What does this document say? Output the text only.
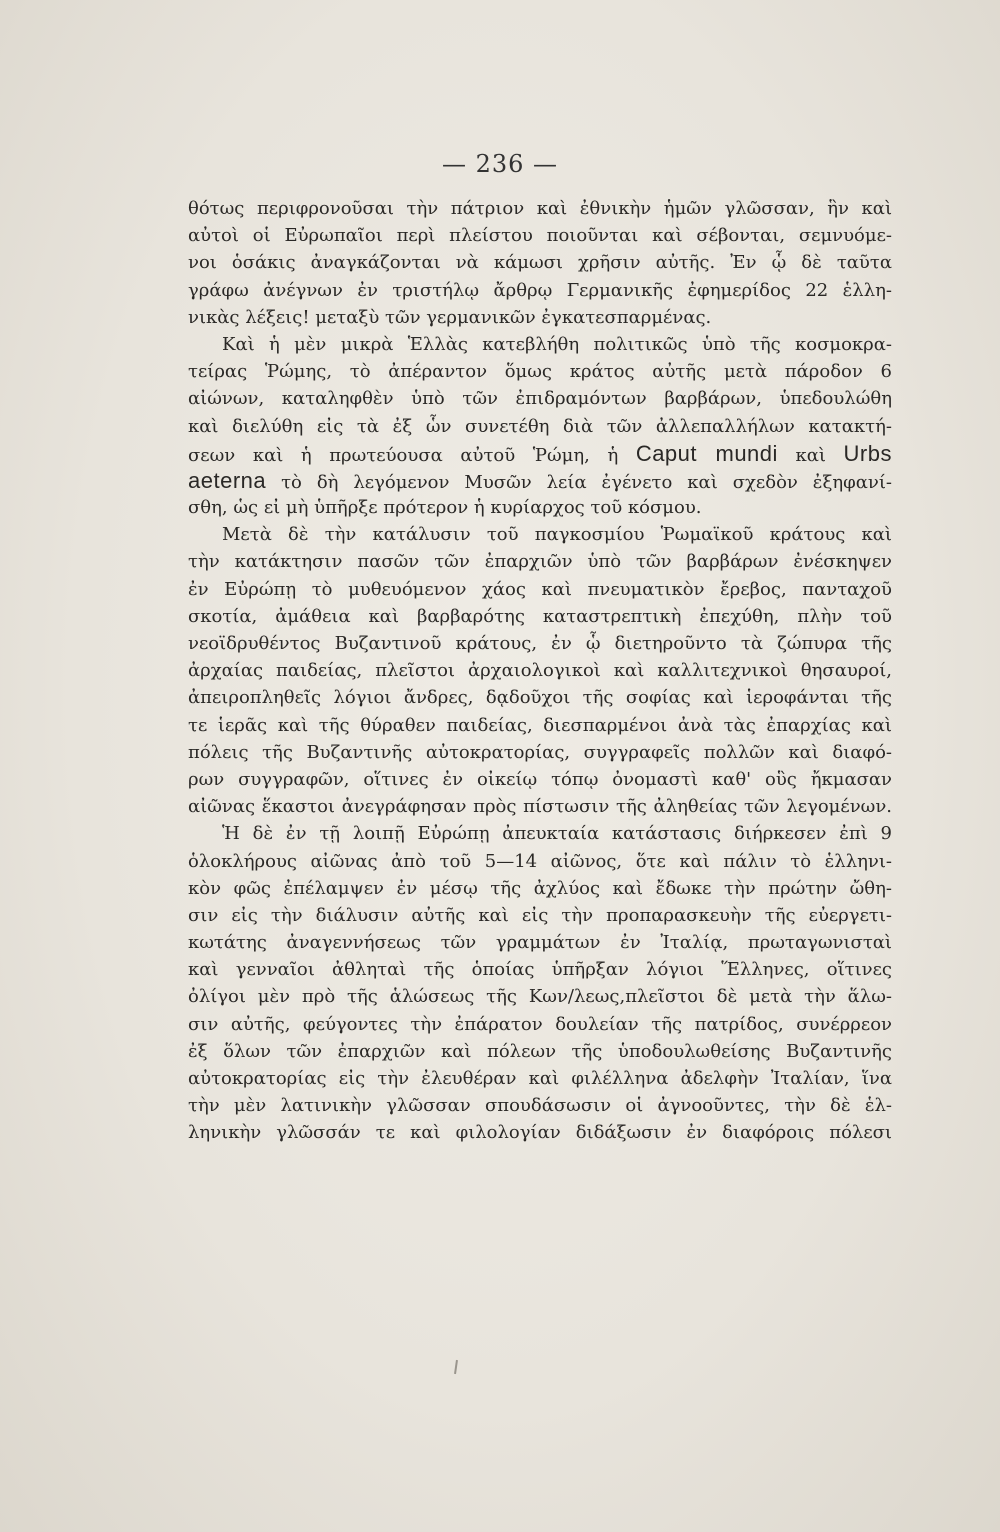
— 236 —
θότως περιφρονοῦσαι τὴν πάτριον καὶ ἐθνικὴν ἡμῶν γλῶσσαν, ἣν καὶ
αὐτοὶ οἱ Εὐρωπαῖοι περὶ πλείστου ποιοῦνται καὶ σέβονται, σεμνυόμε-
νοι ὁσάκις ἀναγκάζονται νὰ κάμωσι χρῆσιν αὐτῆς. Ἐν ᾧ δὲ ταῦτα
γράφω ἀνέγνων ἐν τριστήλῳ ἄρθρῳ Γερμανικῆς ἐφημερίδος 22 ἑλλη-
νικὰς λέξεις! μεταξὺ τῶν γερμανικῶν ἐγκατεσπαρμένας.
Καὶ ἡ μὲν μικρὰ Ἑλλὰς κατεβλήθη πολιτικῶς ὑπὸ τῆς κοσμοκρα-
τείρας Ῥώμης, τὸ ἀπέραντον ὅμως κράτος αὐτῆς μετὰ πάροδον 6
αἰώνων, καταληφθὲν ὑπὸ τῶν ἐπιδραμόντων βαρβάρων, ὑπεδουλώθη
καὶ διελύθη εἰς τὰ ἐξ ὧν συνετέθη διὰ τῶν ἀλλεπαλλήλων κατακτή-
σεων καὶ ἡ πρωτεύουσα αὐτοῦ Ῥώμη, ἡ Caput mundi καὶ Urbs
aeterna τὸ δὴ λεγόμενον Μυσῶν λεία ἐγένετο καὶ σχεδὸν ἐξηφανί-
σθη, ὡς εἰ μὴ ὑπῆρξε πρότερον ἡ κυρίαρχος τοῦ κόσμου.
Μετὰ δὲ τὴν κατάλυσιν τοῦ παγκοσμίου Ῥωμαϊκοῦ κράτους καὶ
τὴν κατάκτησιν πασῶν τῶν ἐπαρχιῶν ὑπὸ τῶν βαρβάρων ἐνέσκηψεν
ἐν Εὐρώπῃ τὸ μυθευόμενον χάος καὶ πνευματικὸν ἔρεβος, πανταχοῦ
σκοτία, ἀμάθεια καὶ βαρβαρότης καταστρεπτικὴ ἐπεχύθη, πλὴν τοῦ
νεοϊδρυθέντος Βυζαντινοῦ κράτους, ἐν ᾧ διετηροῦντο τὰ ζώπυρα τῆς
ἀρχαίας παιδείας, πλεῖστοι ἀρχαιολογικοὶ καὶ καλλιτεχνικοὶ θησαυροί,
ἀπειροπληθεῖς λόγιοι ἄνδρες, δᾳδοῦχοι τῆς σοφίας καὶ ἱεροφάνται τῆς
τε ἱερᾶς καὶ τῆς θύραθεν παιδείας, διεσπαρμένοι ἀνὰ τὰς ἐπαρχίας καὶ
πόλεις τῆς Βυζαντινῆς αὐτοκρατορίας, συγγραφεῖς πολλῶν καὶ διαφό-
ρων συγγραφῶν, οἵτινες ἐν οἰκείῳ τόπῳ ὀνομαστὶ καθ' οὓς ἤκμασαν
αἰῶνας ἕκαστοι ἀνεγράφησαν πρὸς πίστωσιν τῆς ἀληθείας τῶν λεγομένων.
Ἡ δὲ ἐν τῇ λοιπῇ Εὐρώπῃ ἀπευκταία κατάστασις διήρκεσεν ἐπὶ 9
ὁλοκλήρους αἰῶνας ἀπὸ τοῦ 5—14 αἰῶνος, ὅτε καὶ πάλιν τὸ ἑλληνι-
κὸν φῶς ἐπέλαμψεν ἐν μέσῳ τῆς ἀχλύος καὶ ἔδωκε τὴν πρώτην ὤθη-
σιν εἰς τὴν διάλυσιν αὐτῆς καὶ εἰς τὴν προπαρασκευὴν τῆς εὐεργετι-
κωτάτης ἀναγεννήσεως τῶν γραμμάτων ἐν Ἰταλίᾳ, πρωταγωνισταὶ
καὶ γενναῖοι ἀθληταὶ τῆς ὁποίας ὑπῆρξαν λόγιοι Ἕλληνες, οἵτινες
ὀλίγοι μὲν πρὸ τῆς ἁλώσεως τῆς Κων/λεως,πλεῖστοι δὲ μετὰ τὴν ἅλω-
σιν αὐτῆς, φεύγοντες τὴν ἐπάρατον δουλείαν τῆς πατρίδος, συνέρρεον
ἐξ ὅλων τῶν ἐπαρχιῶν καὶ πόλεων τῆς ὑποδουλωθείσης Βυζαντινῆς
αὐτοκρατορίας εἰς τὴν ἐλευθέραν καὶ φιλέλληνα ἀδελφὴν Ἰταλίαν, ἵνα
τὴν μὲν λατινικὴν γλῶσσαν σπουδάσωσιν οἱ ἀγνοοῦντες, τὴν δὲ ἑλ-
ληνικὴν γλῶσσάν τε καὶ φιλολογίαν διδάξωσιν ἐν διαφόροις πόλεσι
